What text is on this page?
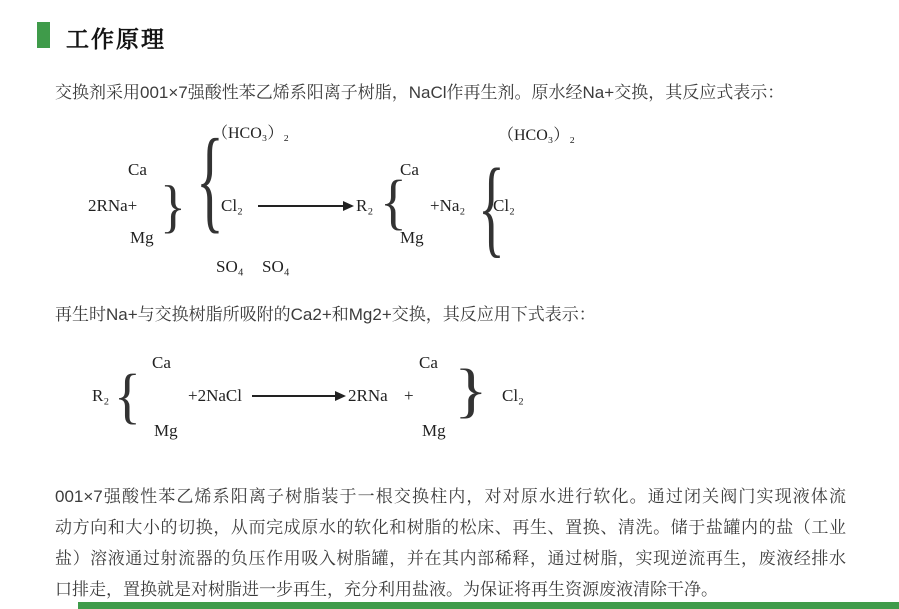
工作原理
交换剂采用001×7强酸性苯乙烯系阳离子树脂，NaCl作再生剂。原水经Na+交换，其反应式表示：
2RNa+
Ca
Mg
}
{
（HCO₃）₂
Cl₂
SO₄ SO₄
R₂
{
Ca
Mg
+Na₂
{
（HCO₃）₂
Cl₂
再生时Na+与交换树脂所吸附的Ca2+和Mg2+交换，其反应用下式表示：
R₂
{
Ca
Mg
+2NaCl	2RNa +
Ca
Mg
}
Cl₂
001×7强酸性苯乙烯系阳离子树脂装于一根交换柱内，对对原水进行软化。通过闭关阀门实现液体流
动方向和大小的切换，从而完成原水的软化和树脂的松床、再生、置换、清洗。储于盐罐内的盐（工业
盐）溶液通过射流器的负压作用吸入树脂罐，并在其内部稀释，通过树脂，实现逆流再生，废液经排水
口排走，置换就是对树脂进一步再生，充分利用盐液。为保证将再生资源废液清除干净。
